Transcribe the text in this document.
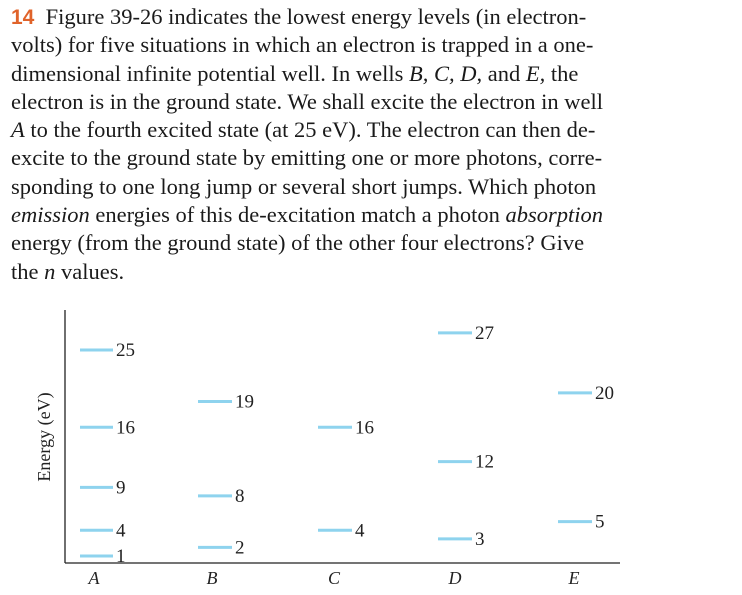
14 Figure 39-26 indicates the lowest energy levels (in electron-
volts) for five situations in which an electron is trapped in a one-
dimensional infinite potential well. In wells B, C, D, and E, the
electron is in the ground state. We shall excite the electron in well
A to the fourth excited state (at 25 eV). The electron can then de-
excite to the ground state by emitting one or more photons, corre-
sponding to one long jump or several short jumps. Which photon
emission energies of this de-excitation match a photon absorption
energy (from the ground state) of the other four electrons? Give
the n values.
Energy (eV)
1
4
9
16
25
A
2
8
19
B
4
16
C
3
12
27
D
5
20
E
